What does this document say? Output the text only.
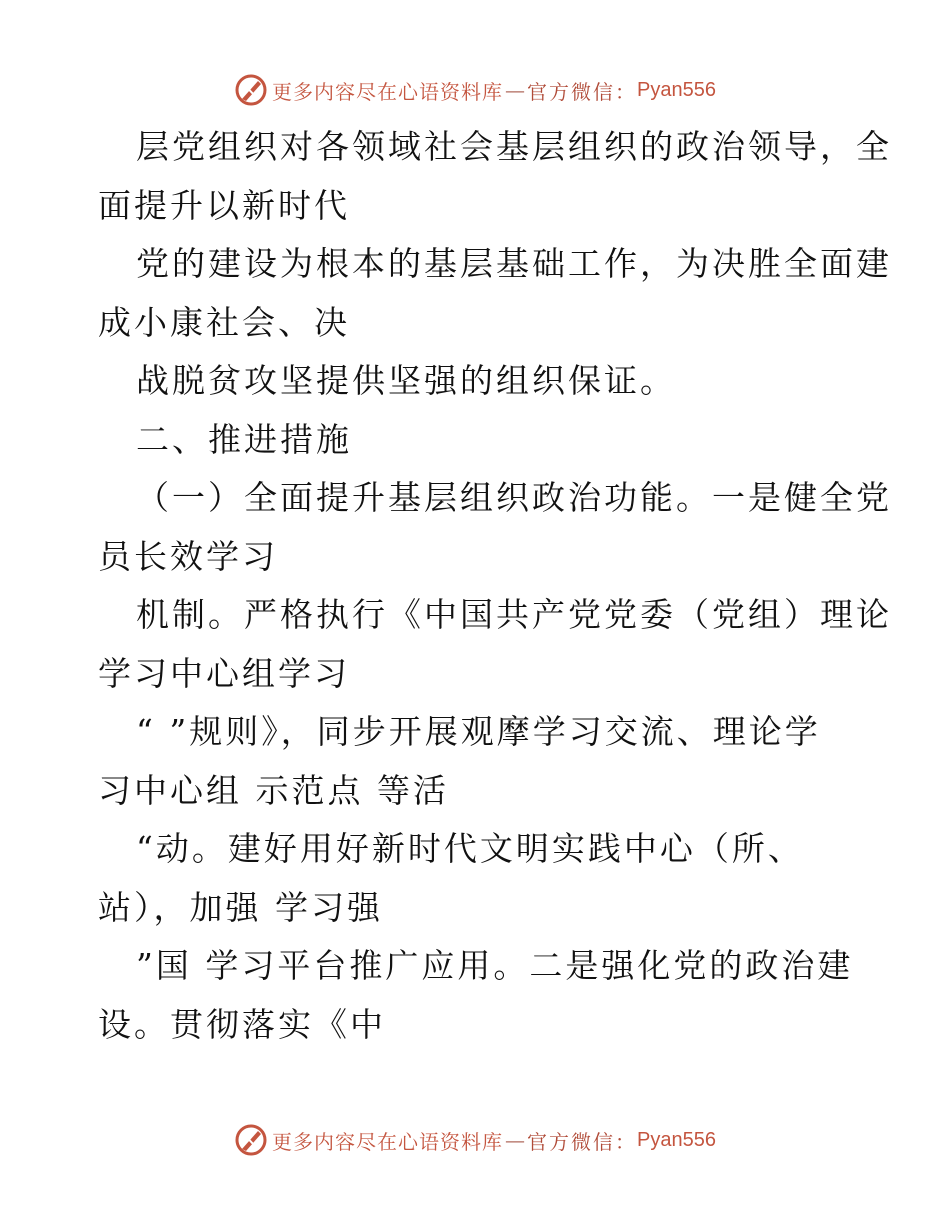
更多内容尽在心语资料库 — 官方微信： Pyan556
层党组织对各领域社会基层组织的政治领导，全
面提升以新时代
党的建设为根本的基层基础工作，为决胜全面建
成小康社会、决
战脱贫攻坚提供坚强的组织保证。
二、推进措施
（一）全面提升基层组织政治功能。一是健全党
员长效学习
机制。严格执行《中国共产党党委（党组）理论
学习中心组学习
“ ”规则》，同步开展观摩学习交流、理论学
习中心组 示范点 等活
“动。建好用好新时代文明实践中心（所、
站），加强 学习强
”国 学习平台推广应用。二是强化党的政治建
设。贯彻落实《中
更多内容尽在心语资料库 — 官方微信： Pyan556
